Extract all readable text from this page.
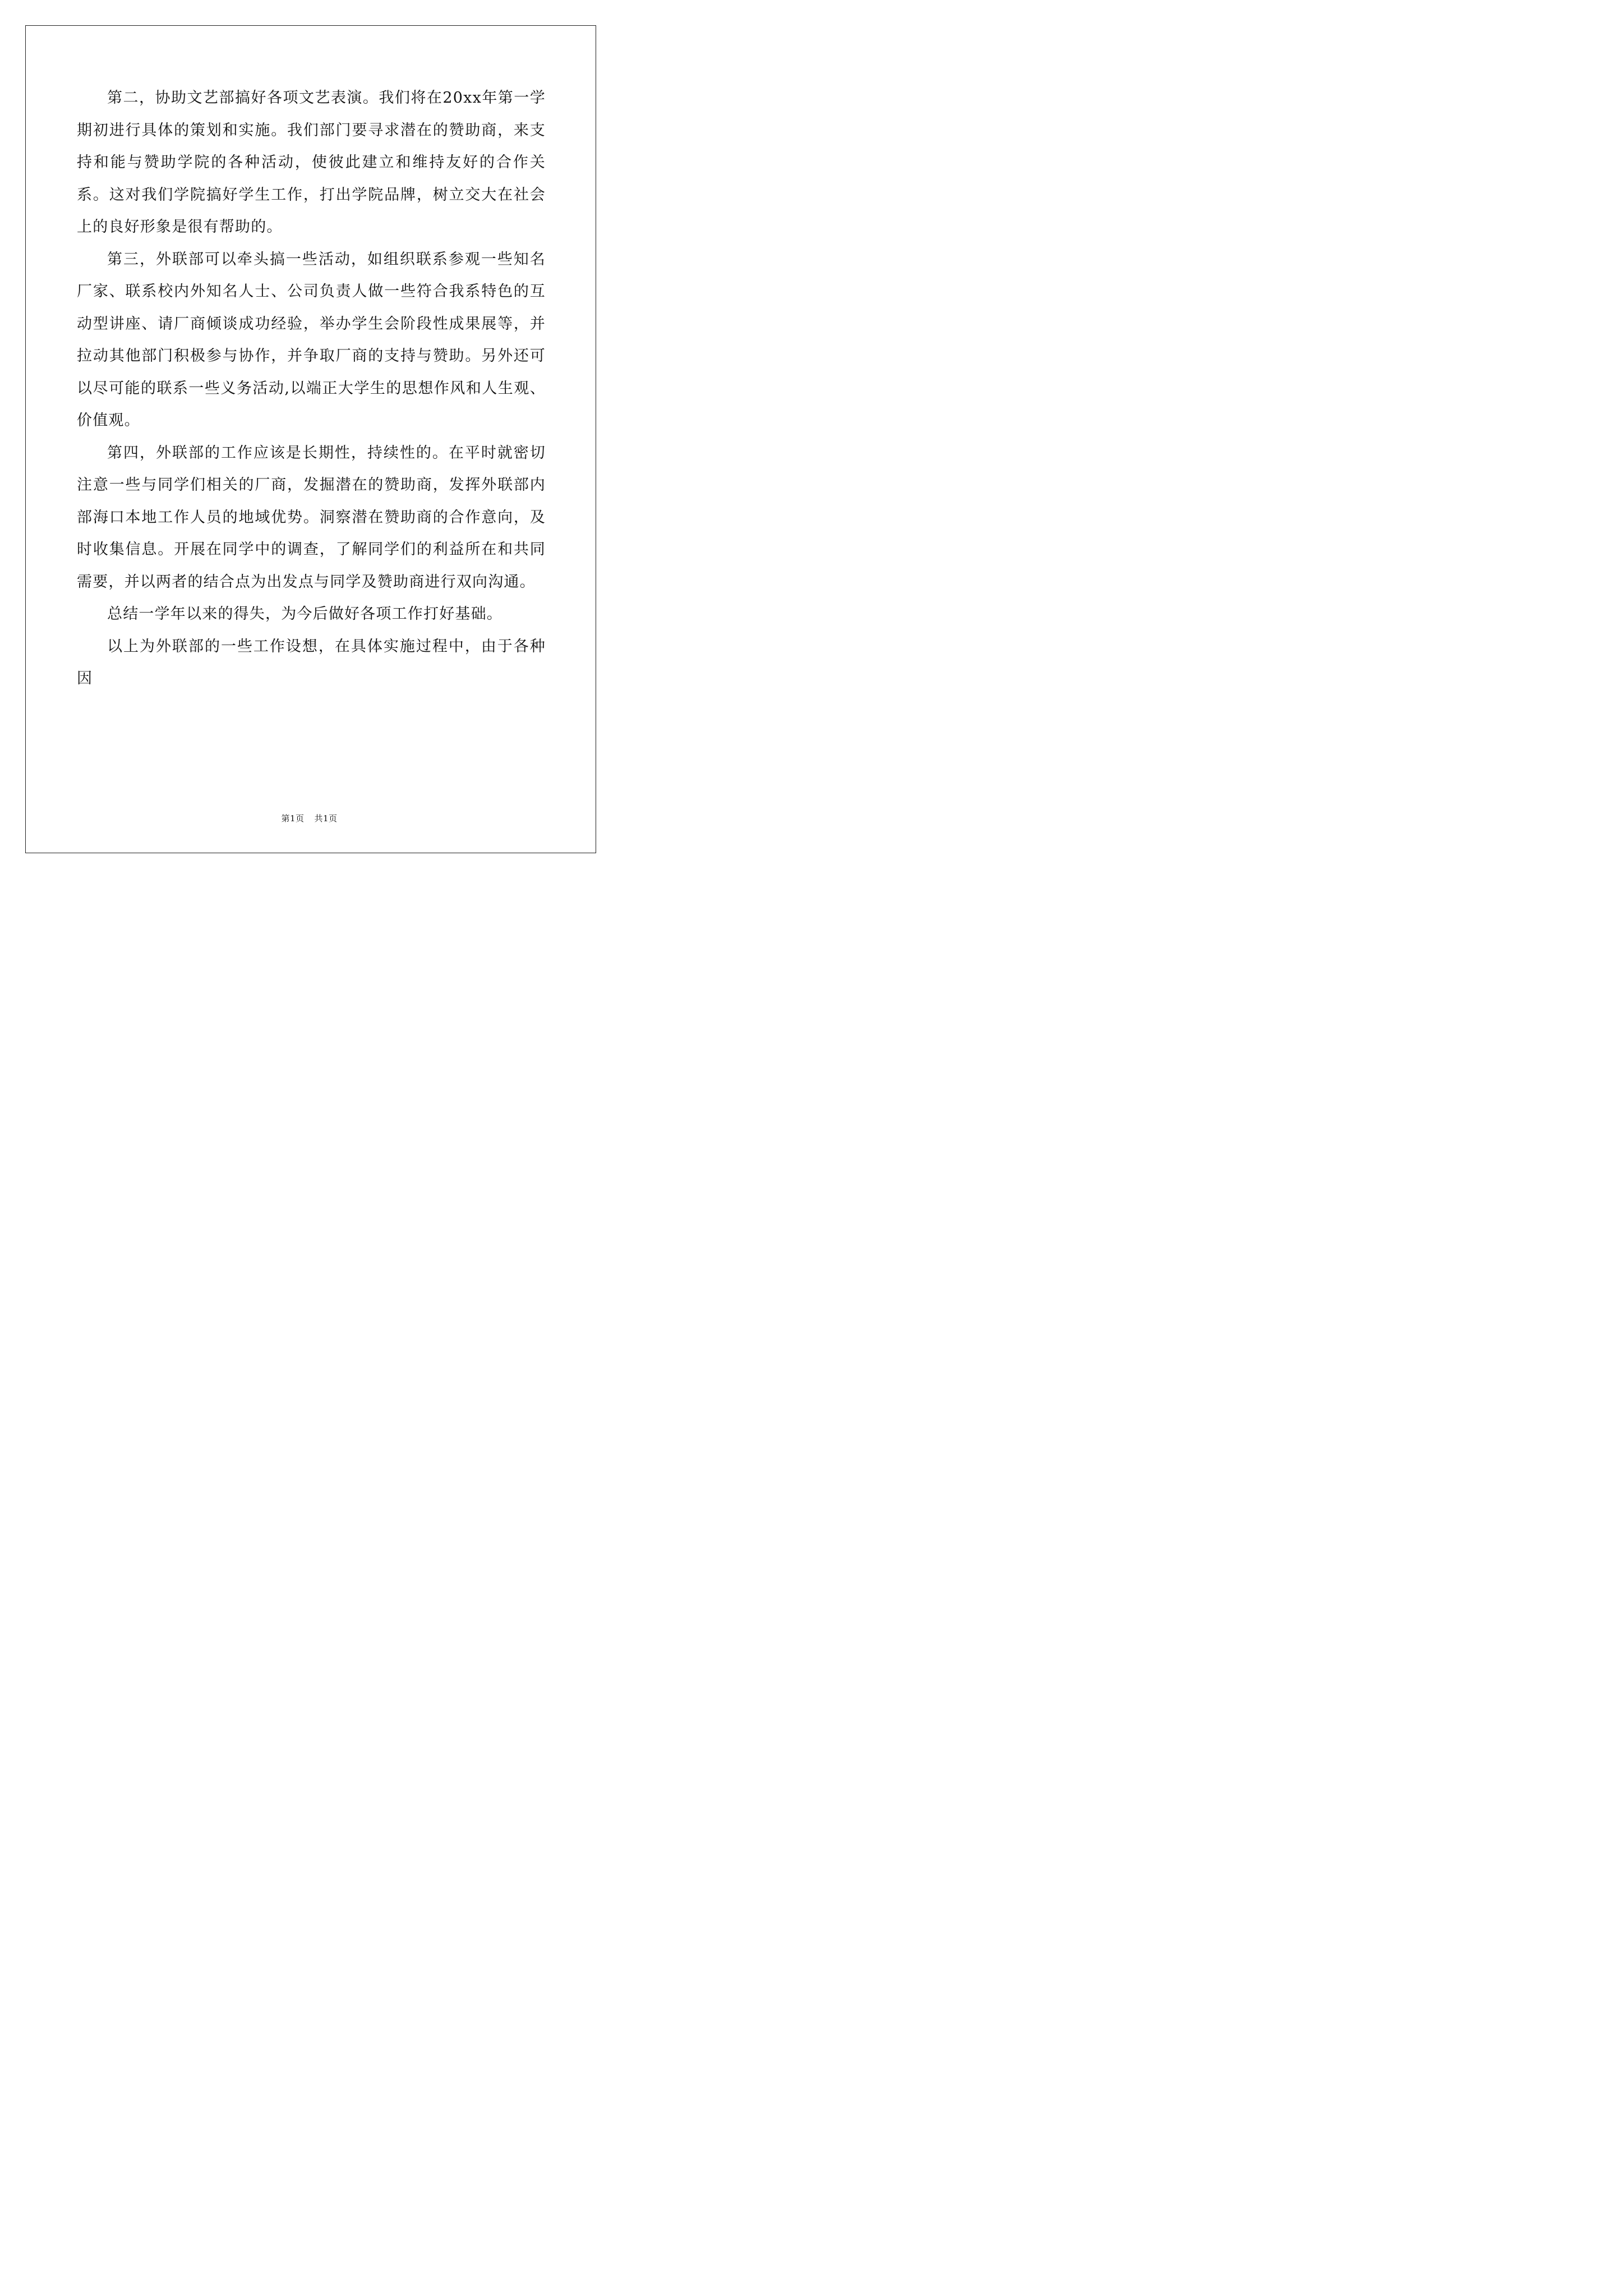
第二，协助文艺部搞好各项文艺表演。我们将在20xx年第一学期初进行具体的策划和实施。我们部门要寻求潜在的赞助商，来支持和能与赞助学院的各种活动，使彼此建立和维持友好的合作关系。这对我们学院搞好学生工作，打出学院品牌，树立交大在社会上的良好形象是很有帮助的。

第三，外联部可以牵头搞一些活动，如组织联系参观一些知名厂家、联系校内外知名人士、公司负责人做一些符合我系特色的互动型讲座、请厂商倾谈成功经验，举办学生会阶段性成果展等，并拉动其他部门积极参与协作，并争取厂商的支持与赞助。另外还可以尽可能的联系一些义务活动,以端正大学生的思想作风和人生观、价值观。

第四，外联部的工作应该是长期性，持续性的。在平时就密切注意一些与同学们相关的厂商，发掘潜在的赞助商，发挥外联部内部海口本地工作人员的地域优势。洞察潜在赞助商的合作意向，及时收集信息。开展在同学中的调查，了解同学们的利益所在和共同需要，并以两者的结合点为出发点与同学及赞助商进行双向沟通。

总结一学年以来的得失，为今后做好各项工作打好基础。

以上为外联部的一些工作设想，在具体实施过程中，由于各种因

第1页 共1页
